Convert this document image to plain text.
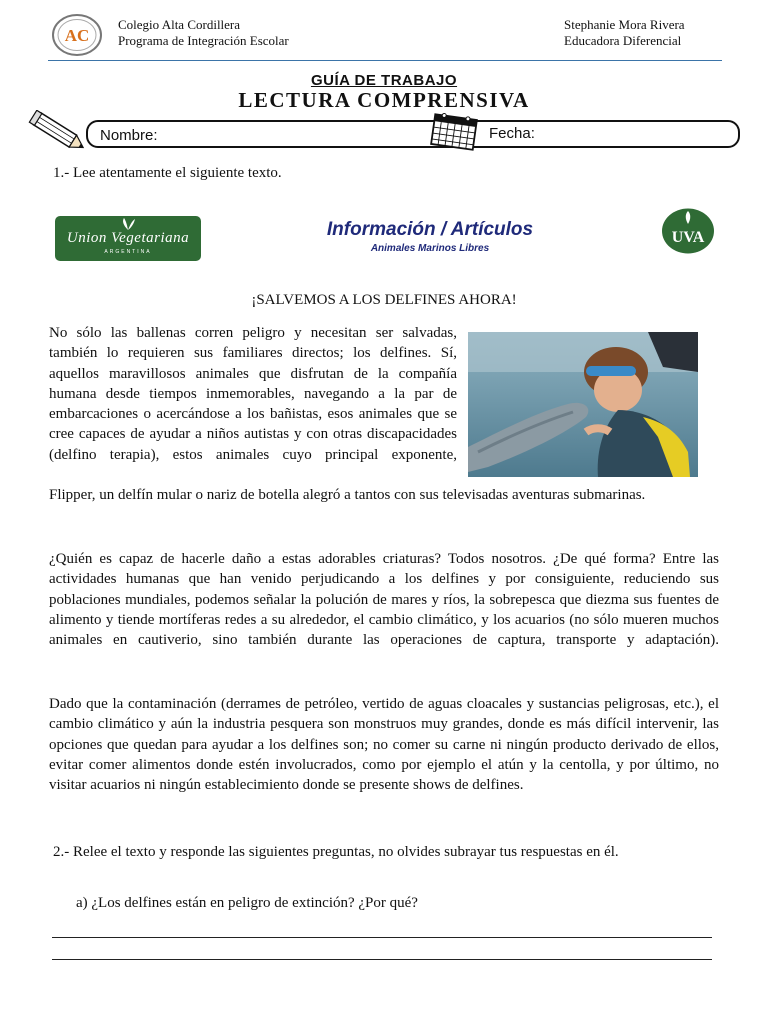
AC
Colegio Alta Cordillera
Programa de Integración Escolar
Stephanie Mora Rivera
Educadora Diferencial
GUÍA DE TRABAJO
LECTURA COMPRENSIVA
Nombre:	Fecha:
1.- Lee atentamente el siguiente texto.
Union Vegetariana
ARGENTINA
Información / Artículos
Animales Marinos Libres
UVA
¡SALVEMOS A LOS DELFINES AHORA!
No sólo las ballenas corren peligro y necesitan ser salvadas, también lo requieren sus familiares directos; los delfines. Sí, aquellos maravillosos animales que disfrutan de la compañía humana desde tiempos inmemorables, navegando a la par de embarcaciones o acercándose a los bañistas, esos animales que se cree capaces de ayudar a niños autistas y con otras discapacidades (delfino terapia), estos animales cuyo principal exponente,
Flipper, un delfín mular o nariz de botella alegró a tantos con sus televisadas aventuras submarinas.
¿Quién es capaz de hacerle daño a estas adorables criaturas? Todos nosotros. ¿De qué forma? Entre las actividades humanas que han venido perjudicando a los delfines y por consiguiente, reduciendo sus poblaciones mundiales, podemos señalar la polución de mares y ríos, la sobrepesca que diezma sus fuentes de alimento y tiende mortíferas redes a su alrededor, el cambio climático, y los acuarios (no sólo mueren muchos animales en cautiverio, sino también durante las operaciones de captura, transporte y adaptación).
Dado que la contaminación (derrames de petróleo, vertido de aguas cloacales y sustancias peligrosas, etc.), el cambio climático y aún la industria pesquera son monstruos muy grandes, donde es más difícil intervenir, las opciones que quedan para ayudar a los delfines son; no comer su carne ni ningún producto derivado de ellos, evitar comer alimentos donde estén involucrados, como por ejemplo el atún y la centolla, y por último, no visitar acuarios ni ningún establecimiento donde se presente shows de delfines.
2.- Relee el texto y responde las siguientes preguntas, no olvides subrayar tus respuestas en él.
a) ¿Los delfines están en peligro de extinción? ¿Por qué?
